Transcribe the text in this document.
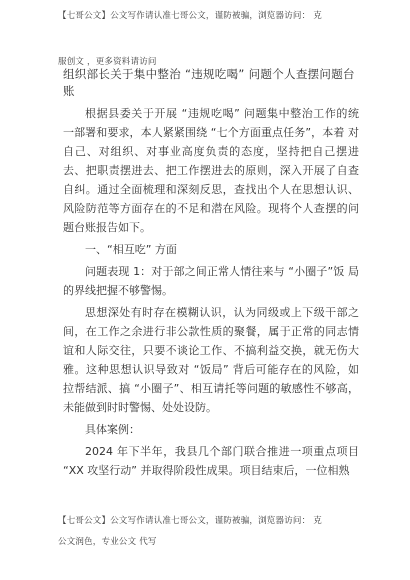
【七哥公文】公文写作请认准七哥公文，谨防被骗，浏览器访问： 克
服创文 ，更多资料请访问
组织部长关于集中整治 “违规吃喝” 问题个人查摆问题台账

根据县委关于开展 “违规吃喝” 问题集中整治工作的统 一部署和要求，本人紧紧围绕 “七个方面重点任务”，本着 对自己、对组织、对事业高度负责的态度，坚持把自己摆进 去、把职责摆进去、把工作摆进去的原则，深入开展了自查 自纠。通过全面梳理和深刻反思，查找出个人在思想认识、 风险防范等方面存在的不足和潜在风险。现将个人查摆的问 题台账报告如下。

一、“相互吃” 方面

问题表现 1：对于部之间正常人情往来与 “小圈子”饭 局的界线把握不够警惕。

思想深处有时存在模糊认识，认为同级或上下级干部之间，在工作之余进行非公款性质的聚餐，属于正常的同志情谊和人际交往，只要不谈论工作、不搞利益交换，就无伤大雅。这种思想认识导致对 “饭局” 背后可能存在的风险，如 拉帮结派、搞 “小圈子”、相互请托等问题的敏感性不够高， 未能做到时时警惕、处处设防。

具体案例：

2024 年下半年，我县几个部门联合推进一项重点项目 “XX 攻坚行动” 并取得阶段性成果。项目结束后，一位相熟

【七哥公文】公文写作请认准七哥公文，谨防被骗，浏览器访问： 克
公文润色，专业公文 代写
